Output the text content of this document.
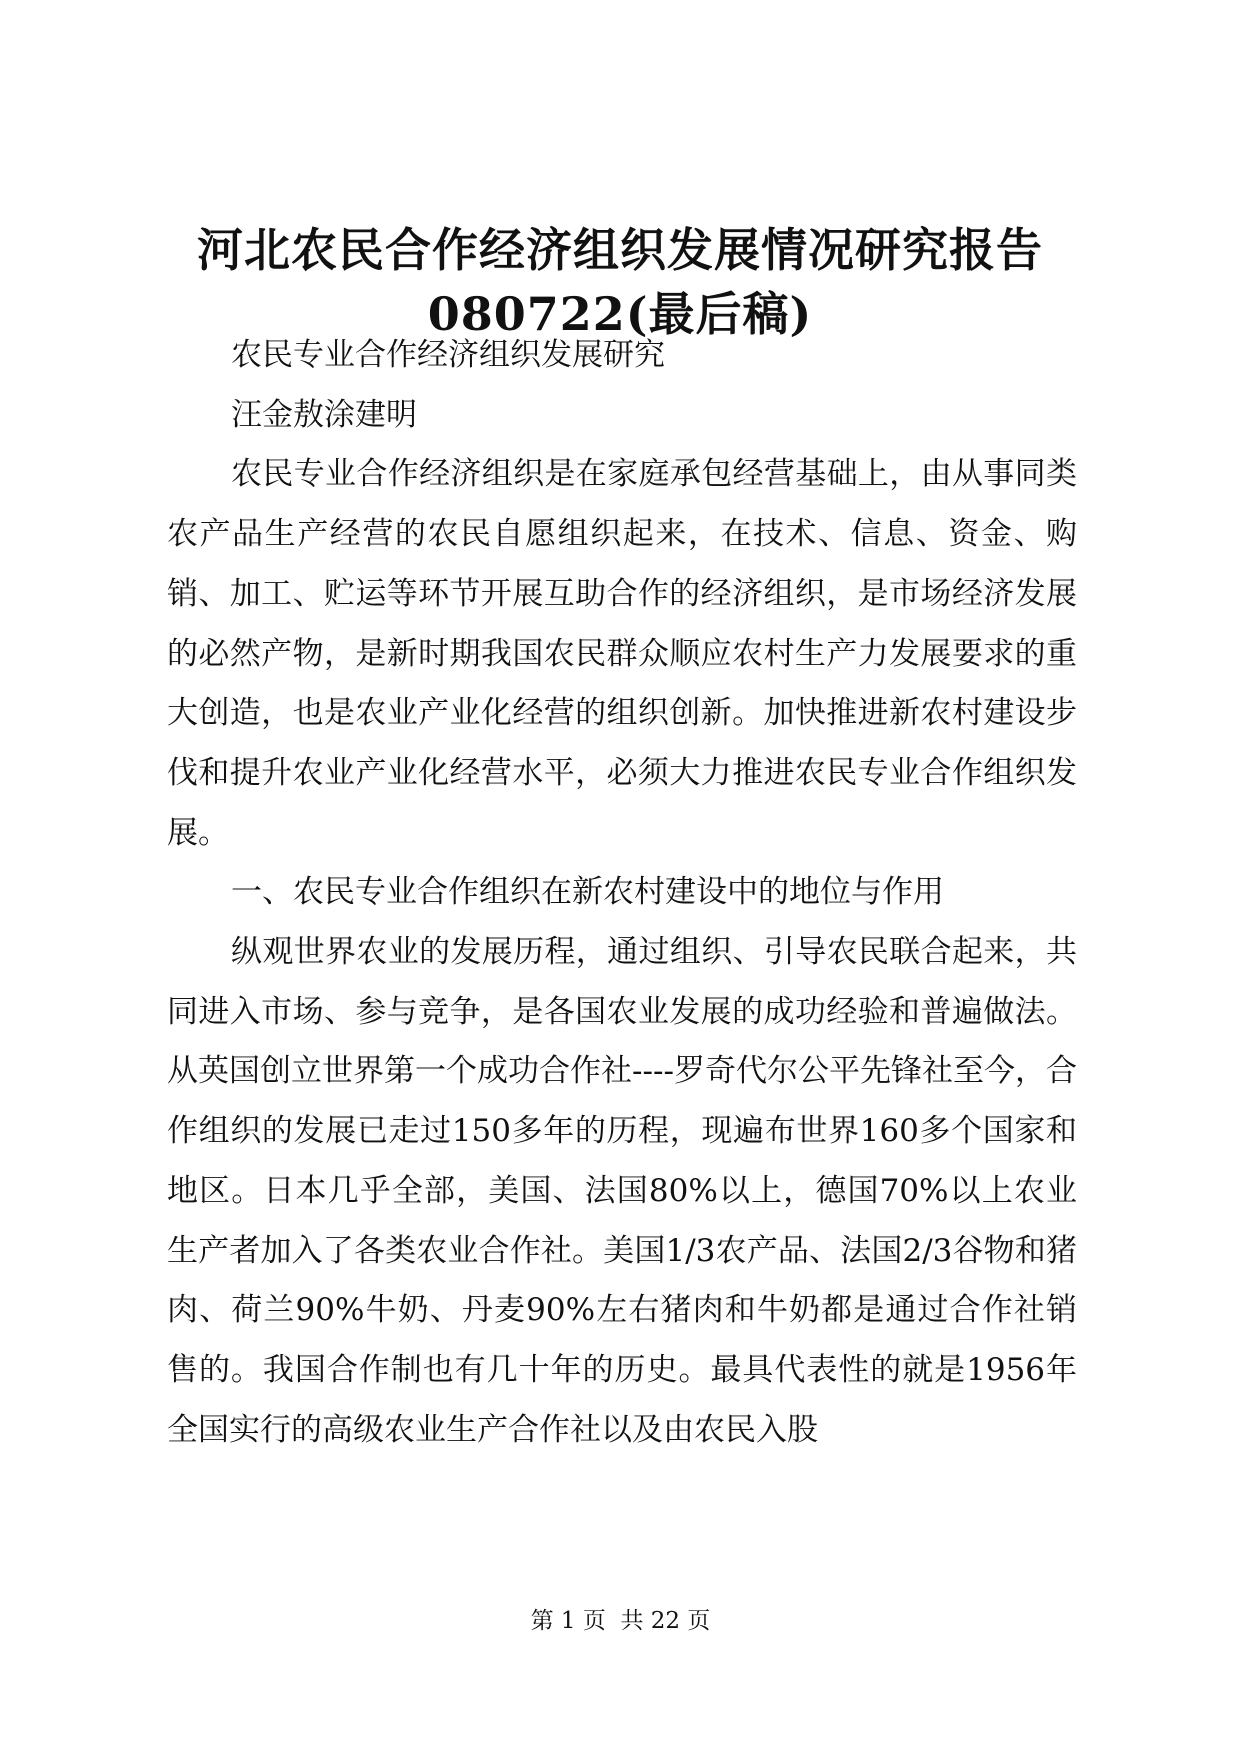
河北农民合作经济组织发展情况研究报告
080722(最后稿)

农民专业合作经济组织发展研究

汪金敖涂建明

农民专业合作经济组织是在家庭承包经营基础上，由从事同类农产品生产经营的农民自愿组织起来，在技术、信息、资金、购销、加工、贮运等环节开展互助合作的经济组织，是市场经济发展的必然产物，是新时期我国农民群众顺应农村生产力发展要求的重大创造，也是农业产业化经营的组织创新。加快推进新农村建设步伐和提升农业产业化经营水平，必须大力推进农民专业合作组织发展。

一、农民专业合作组织在新农村建设中的地位与作用

纵观世界农业的发展历程，通过组织、引导农民联合起来，共同进入市场、参与竞争，是各国农业发展的成功经验和普遍做法。从英国创立世界第一个成功合作社----罗奇代尔公平先锋社至今，合作组织的发展已走过150多年的历程，现遍布世界160多个国家和地区。日本几乎全部，美国、法国80%以上，德国70%以上农业生产者加入了各类农业合作社。美国1/3农产品、法国2/3谷物和猪肉、荷兰90%牛奶、丹麦90%左右猪肉和牛奶都是通过合作社销售的。我国合作制也有几十年的历史。最具代表性的就是1956年全国实行的高级农业生产合作社以及由农民入股

第 1 页  共 22 页
